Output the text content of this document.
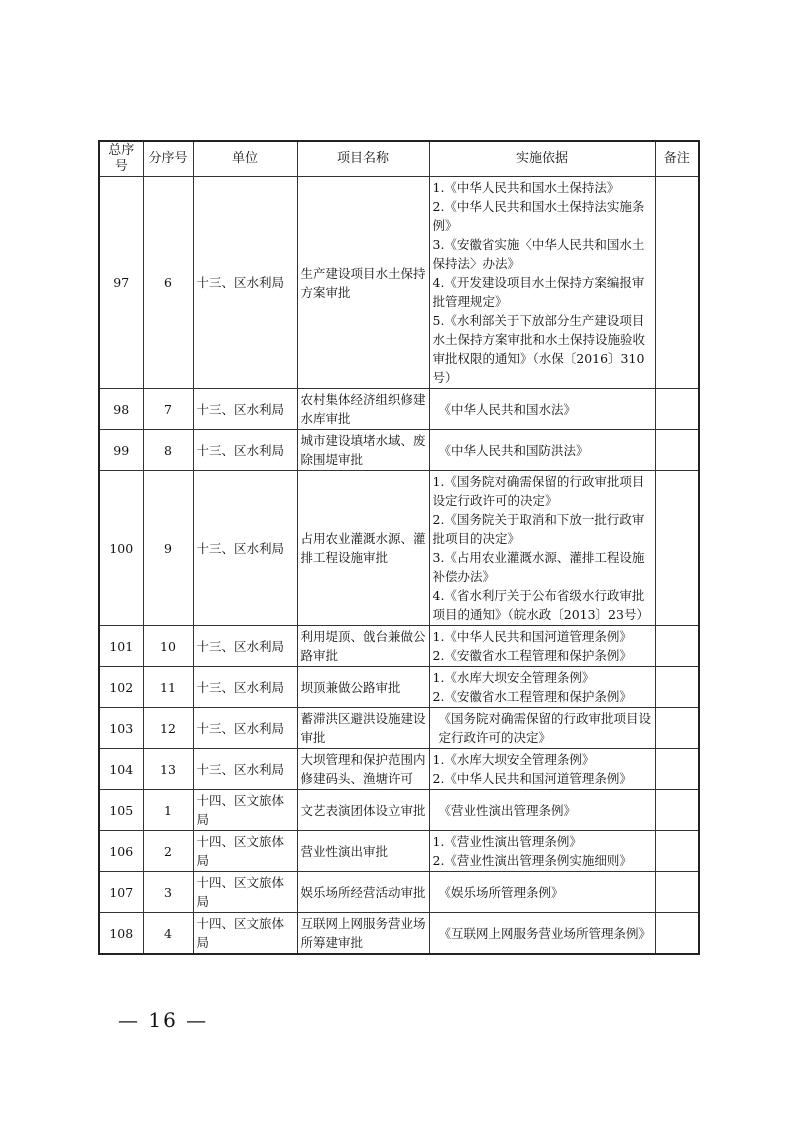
总序号	分序号	单位	项目名称	实施依据	备注
97	6	十三、区水利局	生产建设项目水土保持方案审批	1.《中华人民共和国水土保持法》
2.《中华人民共和国水土保持法实施条例》
3.《安徽省实施〈中华人民共和国水土保持法〉办法》
4.《开发建设项目水土保持方案编报审批管理规定》
5.《水利部关于下放部分生产建设项目水土保持方案审批和水土保持设施验收审批权限的通知》（水保〔2016〕310号）	

98	7	十三、区水利局	农村集体经济组织修建水库审批	《中华人民共和国水法》	

99	8	十三、区水利局	城市建设填堵水域、废除围堤审批	《中华人民共和国防洪法》	

100	9	十三、区水利局	占用农业灌溉水源、灌排工程设施审批	1.《国务院对确需保留的行政审批项目设定行政许可的决定》
2.《国务院关于取消和下放一批行政审批项目的决定》
3.《占用农业灌溉水源、灌排工程设施补偿办法》
4.《省水利厅关于公布省级水行政审批项目的通知》（皖水政〔2013〕23号）	

101	10	十三、区水利局	利用堤顶、戗台兼做公路审批	1.《中华人民共和国河道管理条例》
2.《安徽省水工程管理和保护条例》	

102	11	十三、区水利局	坝顶兼做公路审批	1.《水库大坝安全管理条例》
2.《安徽省水工程管理和保护条例》	

103	12	十三、区水利局	蓄滞洪区避洪设施建设审批	《国务院对确需保留的行政审批项目设定行政许可的决定》	

104	13	十三、区水利局	大坝管理和保护范围内修建码头、渔塘许可	1.《水库大坝安全管理条例》
2.《中华人民共和国河道管理条例》	

105	1	十四、区文旅体局	文艺表演团体设立审批	《营业性演出管理条例》	

106	2	十四、区文旅体局	营业性演出审批	1.《营业性演出管理条例》
2.《营业性演出管理条例实施细则》	

107	3	十四、区文旅体局	娱乐场所经营活动审批	《娱乐场所管理条例》	

108	4	十四、区文旅体局	互联网上网服务营业场所筹建审批	《互联网上网服务营业场所管理条例》	

— 16 —
